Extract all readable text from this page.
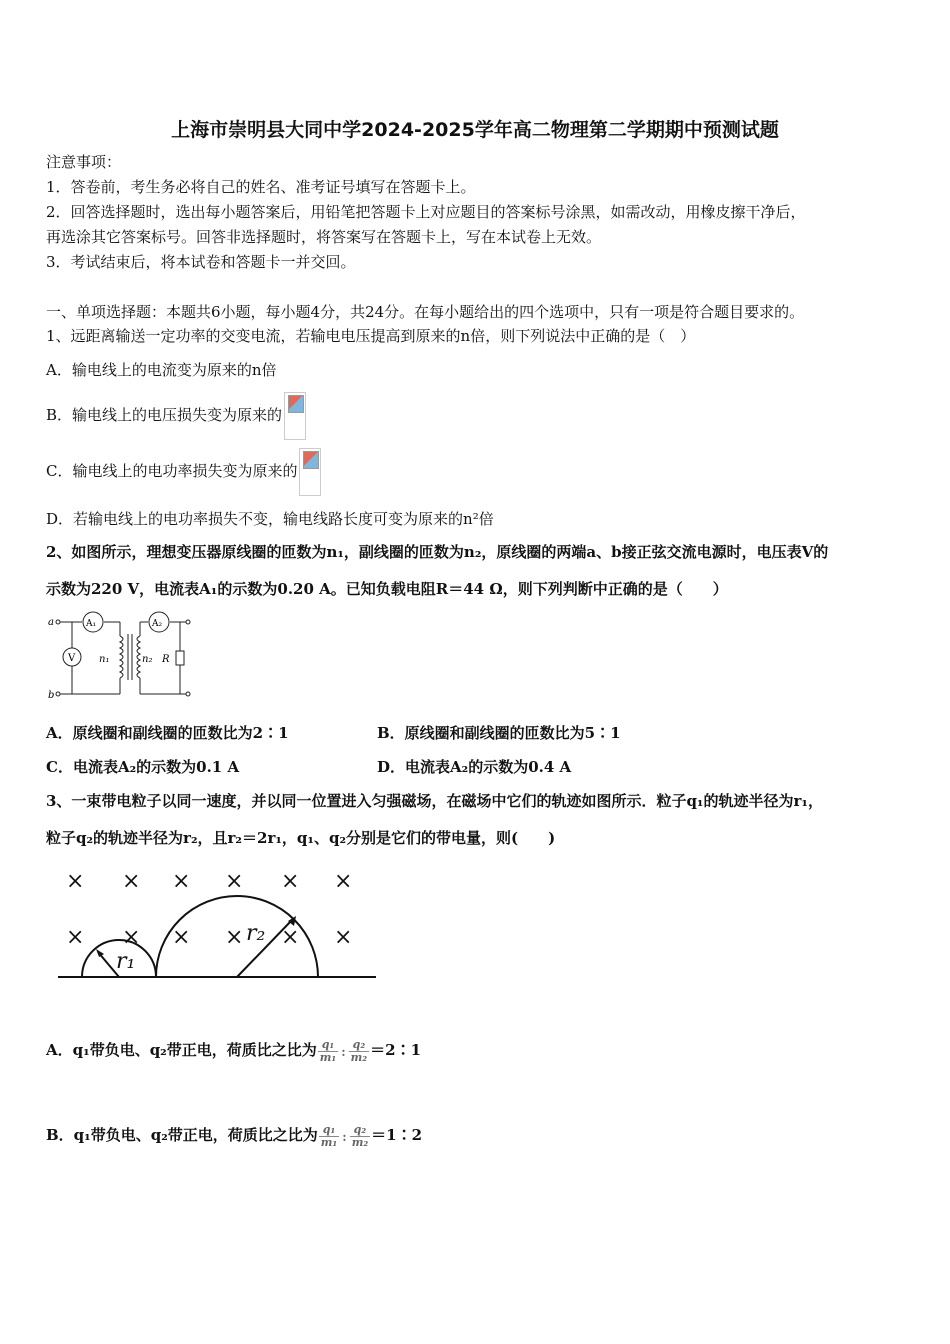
上海市崇明县大同中学2024-2025学年高二物理第二学期期中预测试题
注意事项：
1．答卷前，考生务必将自己的姓名、准考证号填写在答题卡上。
2．回答选择题时，选出每小题答案后，用铅笔把答题卡上对应题目的答案标号涂黑，如需改动，用橡皮擦干净后，
再选涂其它答案标号。回答非选择题时，将答案写在答题卡上，写在本试卷上无效。
3．考试结束后，将本试卷和答题卡一并交回。
一、单项选择题：本题共6小题，每小题4分，共24分。在每小题给出的四个选项中，只有一项是符合题目要求的。
1、远距离输送一定功率的交变电流，若输电电压提高到原来的n倍，则下列说法中正确的是（　）
A．输电线上的电流变为原来的n倍
B．输电线上的电压损失变为原来的
C．输电线上的电功率损失变为原来的
D．若输电线上的电功率损失不变，输电线路长度可变为原来的n²倍
2、如图所示，理想变压器原线圈的匝数为n₁，副线圈的匝数为n₂，原线圈的两端a、b接正弦交流电源时，电压表V的
示数为220 V，电流表A₁的示数为0.20 A。已知负载电阻R＝44 Ω，则下列判断中正确的是（　　）
a
b
A₁	A₂
V n₁	n₂ R
A．原线圈和副线圈的匝数比为2∶1	B．原线圈和副线圈的匝数比为5∶1
C．电流表A₂的示数为0.1 A	D．电流表A₂的示数为0.4 A
3、一束带电粒子以同一速度，并以同一位置进入匀强磁场，在磁场中它们的轨迹如图所示．粒子q₁的轨迹半径为r₁，
粒子q₂的轨迹半径为r₂，且r₂＝2r₁，q₁、q₂分别是它们的带电量，则(　　)
× × × × × ×
× × × × × ×
r₁
r₂
A．q₁带负电、q₂带正电，荷质比之比为 $\frac{\text{q₁}}{\text{m₁}}$ : $\frac{\text{q₂}}{\text{m₂}}$ ＝2∶1
B．q₁带负电、q₂带正电，荷质比之比为 $\frac{\text{q₁}}{\text{m₁}}$ : $\frac{\text{q₂}}{\text{m₂}}$ ＝1∶2
